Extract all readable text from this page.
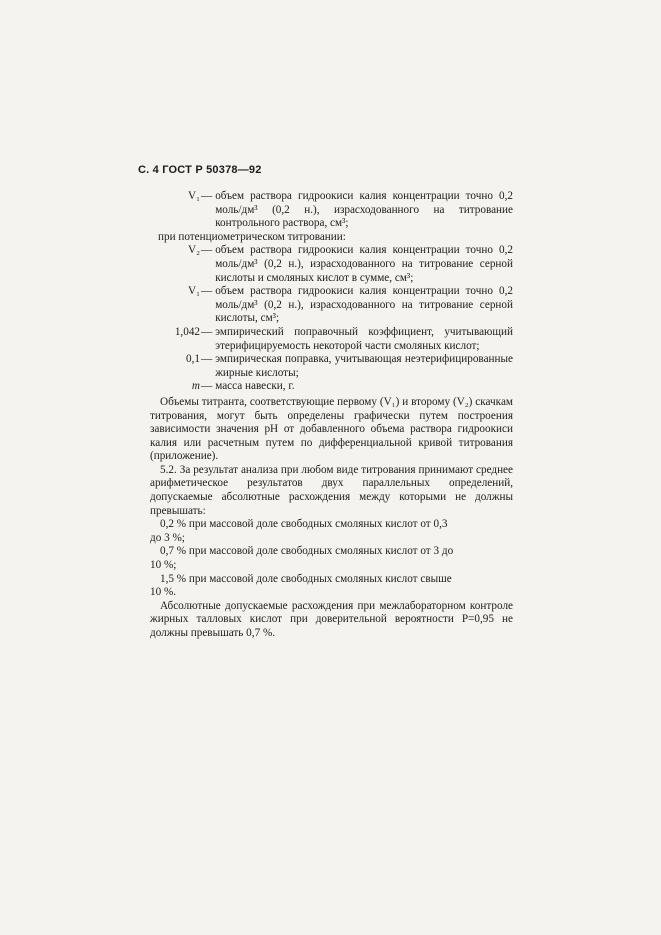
С. 4 ГОСТ Р 50378—92
V₁ — объем раствора гидроокиси калия концентрации точно 0,2 моль/дм³ (0,2 н.), израсходованного на титрование контрольного раствора, см³;
при потенциометрическом титровании:
V₂ — объем раствора гидроокиси калия концентрации точно 0,2 моль/дм³ (0,2 н.), израсходованного на титрование серной кислоты и смоляных кислот в сумме, см³;
V₁ — объем раствора гидроокиси калия концентрации точно 0,2 моль/дм³ (0,2 н.), израсходованного на титрование серной кислоты, см³;
1,042 — эмпирический поправочный коэффициент, учитывающий этерифицируемость некоторой части смоляных кислот;
0,1 — эмпирическая поправка, учитывающая неэтерифицированные жирные кислоты;
m — масса навески, г.

Объемы титранта, соответствующие первому (V₁) и второму (V₂) скачкам титрования, могут быть определены графически путем построения зависимости значения рН от добавленного объема раствора гидроокиси калия или расчетным путем по дифференциальной кривой титрования (приложение).

5.2. За результат анализа при любом виде титрования принимают среднее арифметическое результатов двух параллельных определений, допускаемые абсолютные расхождения между которыми не должны превышать:

0,2 % при массовой доле свободных смоляных кислот от 0,3

до 3 %;

0,7 % при массовой доле свободных смоляных кислот от 3 до

10 %;

1,5 % при массовой доле свободных смоляных кислот свыше

10 %.

Абсолютные допускаемые расхождения при межлабораторном контроле жирных талловых кислот при доверительной вероятности Р=0,95 не должны превышать 0,7 %.
